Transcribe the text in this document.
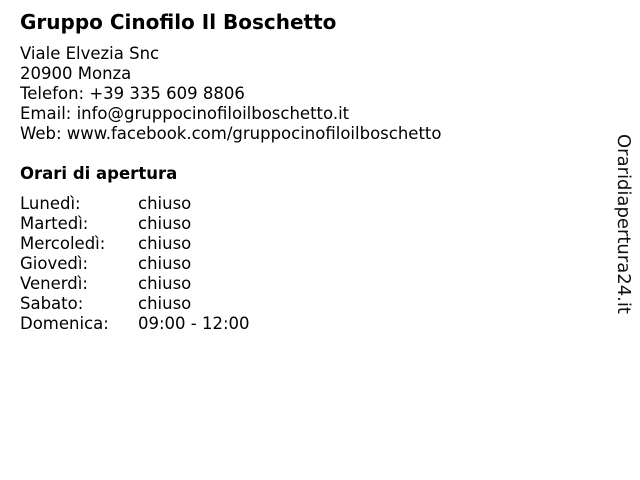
Gruppo Cinofilo Il Boschetto
Viale Elvezia Snc
20900 Monza
Telefon: +39 335 609 8806
Email: info@gruppocinofiloilboschetto.it
Web: www.facebook.com/gruppocinofiloilboschetto
Orari di apertura
Lunedì:	chiuso
Martedì:	chiuso
Mercoledì:	chiuso
Giovedì:	chiuso
Venerdì:	chiuso
Sabato:	chiuso
Domenica:	09:00 - 12:00
Oraridiapertura24.it
